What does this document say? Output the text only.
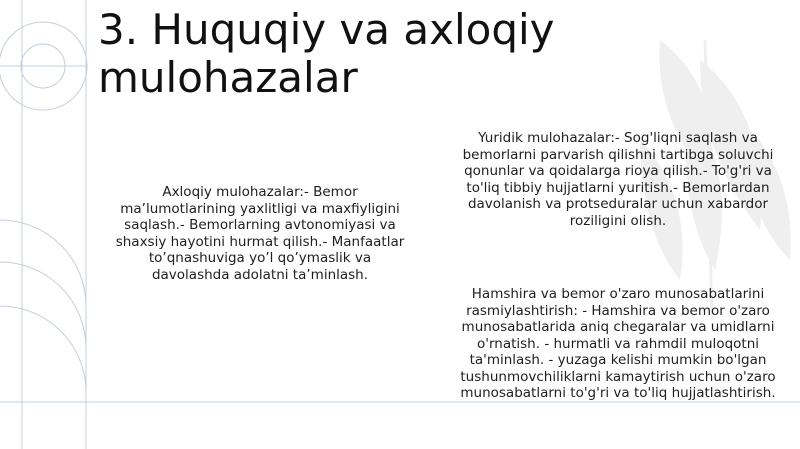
3. Huquqiy va axloqiy mulohazalar
Axloqiy mulohazalar:- Bemor ma’lumotlarining yaxlitligi va maxfiyligini saqlash.- Bemorlarning avtonomiyasi va shaxsiy hayotini hurmat qilish.- Manfaatlar to’qnashuviga yo’l qo’ymaslik va davolashda adolatni ta’minlash.
Yuridik mulohazalar:- Sog'liqni saqlash va bemorlarni parvarish qilishni tartibga soluvchi qonunlar va qoidalarga rioya qilish.- To'g'ri va to'liq tibbiy hujjatlarni yuritish.- Bemorlardan davolanish va protseduralar uchun xabardor roziligini olish.
Hamshira va bemor o'zaro munosabatlarini rasmiylashtirish: - Hamshira va bemor o'zaro munosabatlarida aniq chegaralar va umidlarni o'rnatish. - hurmatli va rahmdil muloqotni ta'minlash. - yuzaga kelishi mumkin bo'lgan tushunmovchiliklarni kamaytirish uchun o'zaro munosabatlarni to'g'ri va to'liq hujjatlashtirish.
